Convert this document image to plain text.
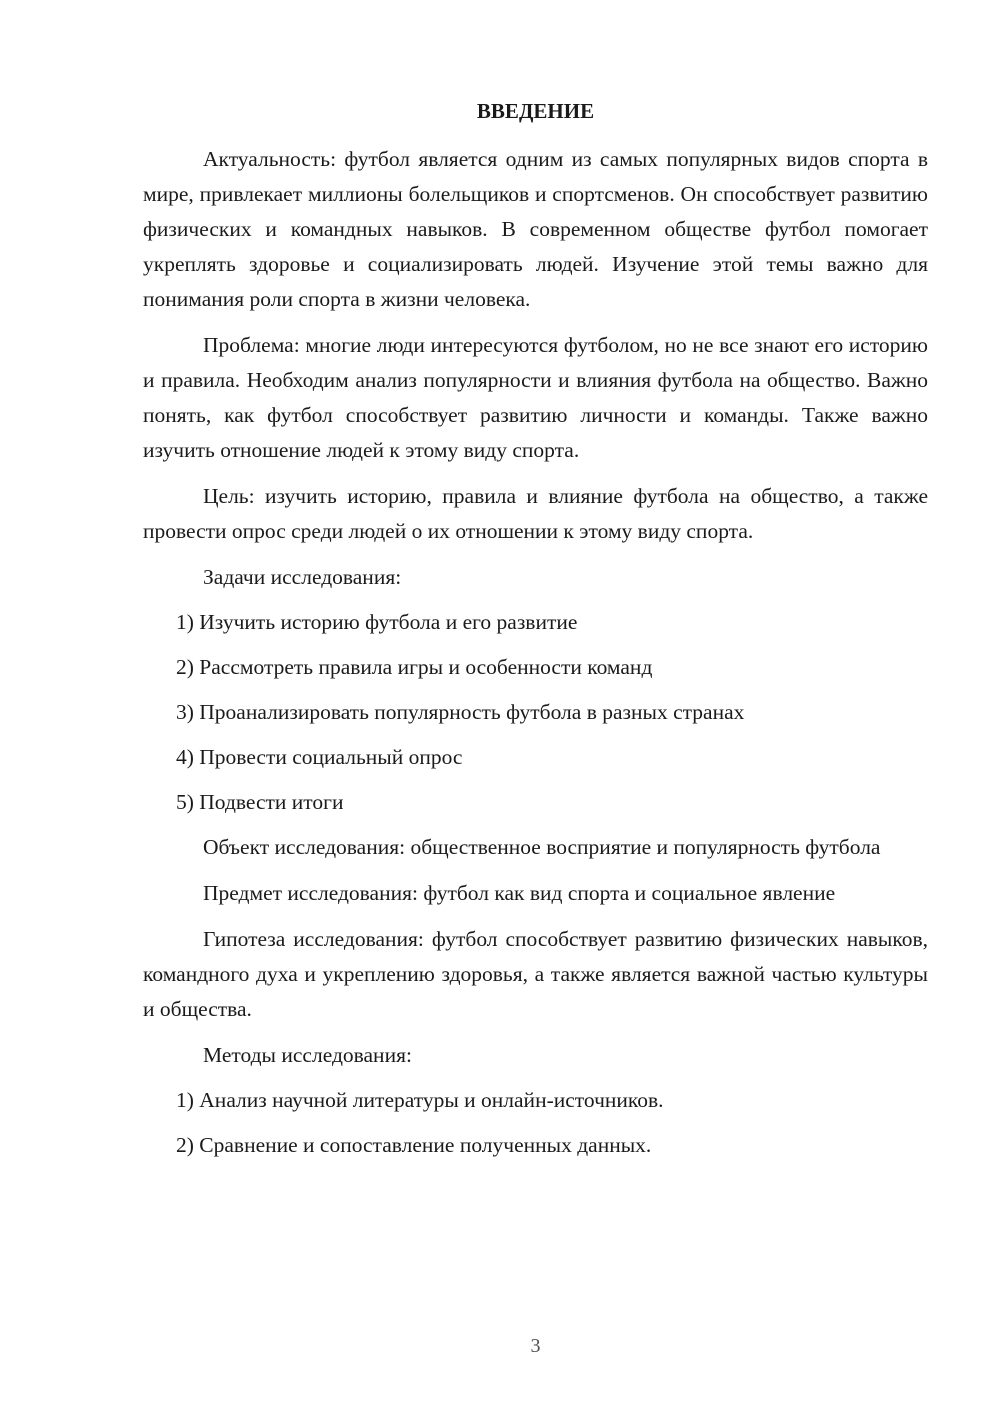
ВВЕДЕНИЕ

Актуальность: футбол является одним из самых популярных видов спорта в мире, привлекает миллионы болельщиков и спортсменов. Он способствует развитию физических и командных навыков. В современном обществе футбол помогает укреплять здоровье и социализировать людей. Изучение этой темы важно для понимания роли спорта в жизни человека.

Проблема: многие люди интересуются футболом, но не все знают его историю и правила. Необходим анализ популярности и влияния футбола на общество. Важно понять, как футбол способствует развитию личности и команды. Также важно изучить отношение людей к этому виду спорта.

Цель: изучить историю, правила и влияние футбола на общество, а также провести опрос среди людей о их отношении к этому виду спорта.

Задачи исследования:

1) Изучить историю футбола и его развитие

2) Рассмотреть правила игры и особенности команд

3) Проанализировать популярность футбола в разных странах

4) Провести социальный опрос

5) Подвести итоги

Объект исследования: общественное восприятие и популярность футбола

Предмет исследования: футбол как вид спорта и социальное явление

Гипотеза исследования: футбол способствует развитию физических навыков, командного духа и укреплению здоровья, а также является важной частью культуры и общества.

Методы исследования:

1) Анализ научной литературы и онлайн-источников.

2) Сравнение и сопоставление полученных данных.

3
